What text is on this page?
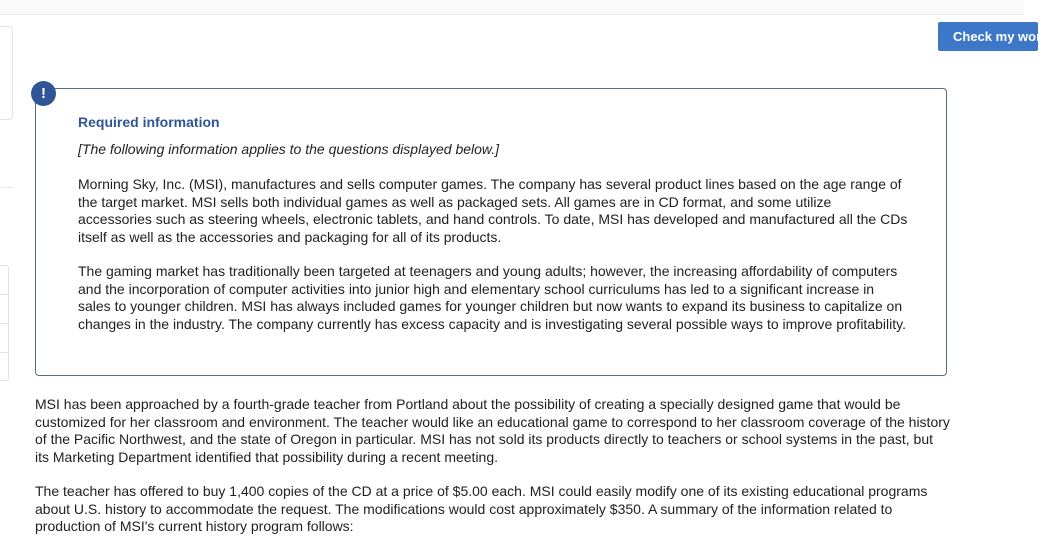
Check my work
!
Required information
[The following information applies to the questions displayed below.]

Morning Sky, Inc. (MSI), manufactures and sells computer games. The company has several product lines based on the age range of the target market. MSI sells both individual games as well as packaged sets. All games are in CD format, and some utilize accessories such as steering wheels, electronic tablets, and hand controls. To date, MSI has developed and manufactured all the CDs itself as well as the accessories and packaging for all of its products.

The gaming market has traditionally been targeted at teenagers and young adults; however, the increasing affordability of computers and the incorporation of computer activities into junior high and elementary school curriculums has led to a significant increase in sales to younger children. MSI has always included games for younger children but now wants to expand its business to capitalize on changes in the industry. The company currently has excess capacity and is investigating several possible ways to improve profitability.

MSI has been approached by a fourth-grade teacher from Portland about the possibility of creating a specially designed game that would be customized for her classroom and environment. The teacher would like an educational game to correspond to her classroom coverage of the history of the Pacific Northwest, and the state of Oregon in particular. MSI has not sold its products directly to teachers or school systems in the past, but its Marketing Department identified that possibility during a recent meeting.

The teacher has offered to buy 1,400 copies of the CD at a price of $5.00 each. MSI could easily modify one of its existing educational programs about U.S. history to accommodate the request. The modifications would cost approximately $350. A summary of the information related to production of MSI's current history program follows:
